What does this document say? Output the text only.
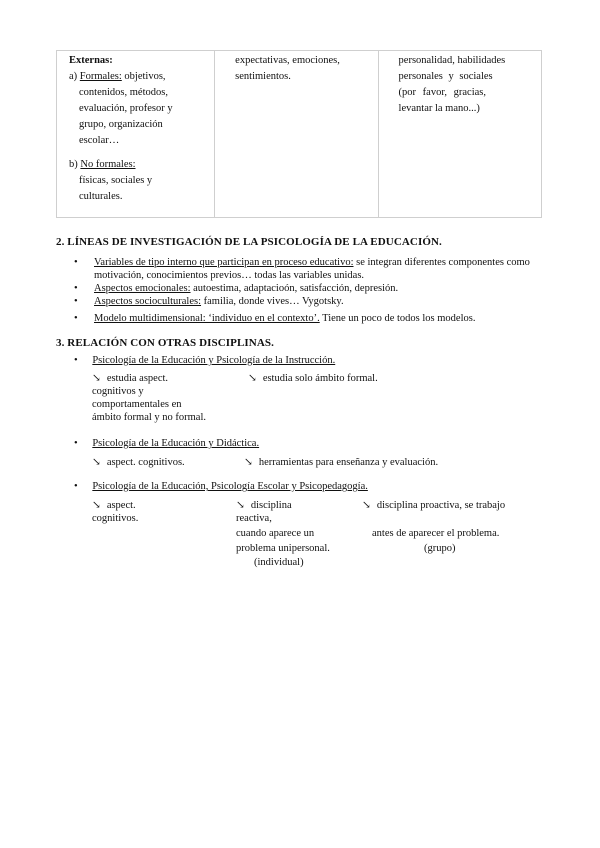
Externas:
a) Formales: objetivos,
contenidos, métodos,
evaluación, profesor y
grupo, organización
escolar…
b) No formales:
físicas, sociales y
culturales.

expectativas, emociones,
sentimientos.

personalidad, habilidades
personales y sociales
(por favor, gracias,
levantar la mano...)
2. LÍNEAS DE INVESTIGACIÓN DE LA PSICOLOGÍA DE LA EDUCACIÓN.
• Variables de tipo interno que participan en proceso educativo: se integran diferentes componentes como motivación, conocimientos previos… todas las variables unidas.
• Aspectos emocionales: autoestima, adaptacioón, satisfacción, depresión.
• Aspectos socioculturales: familia, donde vives… Vygotsky.
• Modelo multidimensional: ‘individuo en el contexto’. Tiene un poco de todos los modelos.
3. RELACIÓN CON OTRAS DISCIPLINAS.
• Psicología de la Educación y Psicología de la Instrucción.
↘ estudia aspect.
cognitivos y
comportamentales en
ámbito formal y no formal.
↘ estudia solo ámbito formal.
• Psicología de la Educación y Didáctica.
↘ aspect. cognitivos.	↘ herramientas para enseñanza y evaluación.
• Psicología de la Educación, Psicología Escolar y Psicopedagogía.
↘ aspect.
cognitivos.
↘ disciplina
reactiva,
cuando aparece un
problema unipersonal.
(individual)
↘ disciplina proactiva, se trabajo
antes de aparecer el problema.
(grupo)
